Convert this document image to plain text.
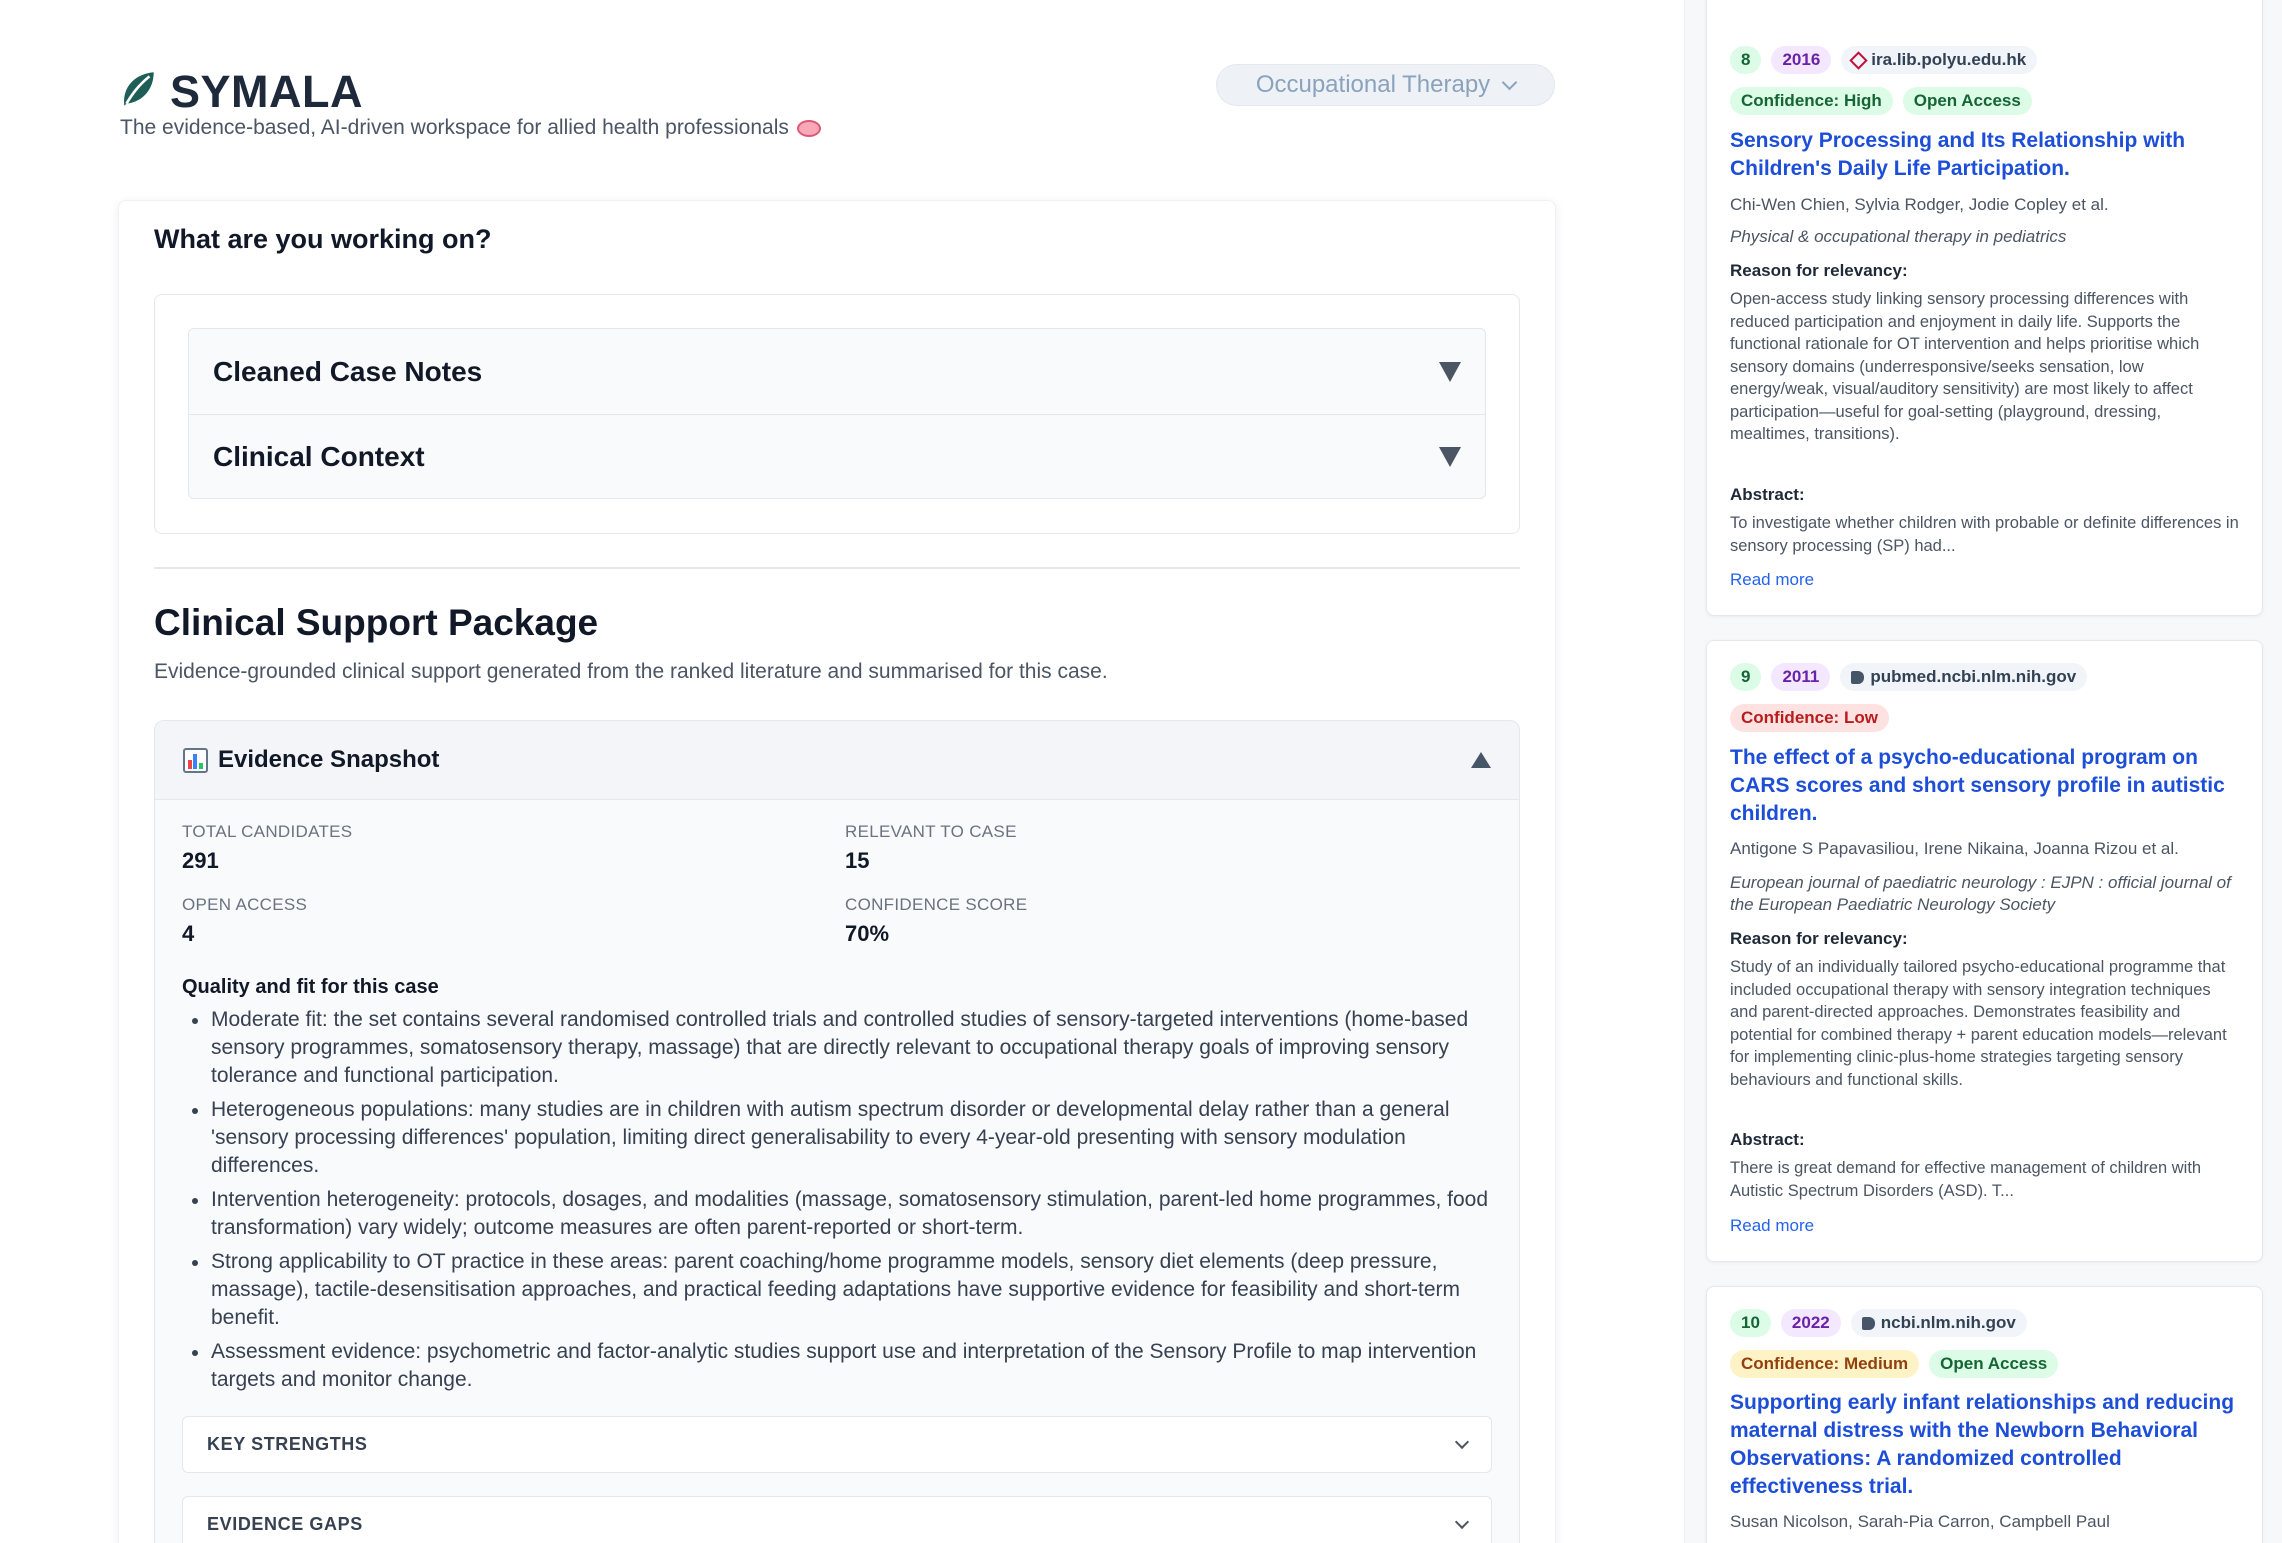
SYMALA
The evidence-based, AI-driven workspace for allied health professionals
Occupational Therapy
What are you working on?
Cleaned Case Notes
Clinical Context
Clinical Support Package
Evidence-grounded clinical support generated from the ranked literature and summarised for this case.
Evidence Snapshot
TOTAL CANDIDATES
291
RELEVANT TO CASE
15
OPEN ACCESS
4
CONFIDENCE SCORE
70%
Quality and fit for this case
Moderate fit: the set contains several randomised controlled trials and controlled studies of sensory-targeted interventions (home-based sensory programmes, somatosensory therapy, massage) that are directly relevant to occupational therapy goals of improving sensory tolerance and functional participation.
Heterogeneous populations: many studies are in children with autism spectrum disorder or developmental delay rather than a general 'sensory processing differences' population, limiting direct generalisability to every 4-year-old presenting with sensory modulation differences.
Intervention heterogeneity: protocols, dosages, and modalities (massage, somatosensory stimulation, parent-led home programmes, food transformation) vary widely; outcome measures are often parent-reported or short-term.
Strong applicability to OT practice in these areas: parent coaching/home programme models, sensory diet elements (deep pressure, massage), tactile-desensitisation approaches, and practical feeding adaptations have supportive evidence for feasibility and short-term benefit.
Assessment evidence: psychometric and factor-analytic studies support use and interpretation of the Sensory Profile to map intervention targets and monitor change.
KEY STRENGTHS
EVIDENCE GAPS
8	2016	ira.lib.polyu.edu.hk
Confidence: High	Open Access
Sensory Processing and Its Relationship with Children's Daily Life Participation.
Chi-Wen Chien, Sylvia Rodger, Jodie Copley et al.
Physical & occupational therapy in pediatrics
Reason for relevancy:
Open-access study linking sensory processing differences with reduced participation and enjoyment in daily life. Supports the functional rationale for OT intervention and helps prioritise which sensory domains (underresponsive/seeks sensation, low energy/weak, visual/auditory sensitivity) are most likely to affect participation—useful for goal-setting (playground, dressing, mealtimes, transitions).
Abstract:
To investigate whether children with probable or definite differences in sensory processing (SP) had...
Read more
9	2011	pubmed.ncbi.nlm.nih.gov
Confidence: Low
The effect of a psycho-educational program on CARS scores and short sensory profile in autistic children.
Antigone S Papavasiliou, Irene Nikaina, Joanna Rizou et al.
European journal of paediatric neurology : EJPN : official journal of the European Paediatric Neurology Society
Reason for relevancy:
Study of an individually tailored psycho-educational programme that included occupational therapy with sensory integration techniques and parent-directed approaches. Demonstrates feasibility and potential for combined therapy + parent education models—relevant for implementing clinic-plus-home strategies targeting sensory behaviours and functional skills.
Abstract:
There is great demand for effective management of children with Autistic Spectrum Disorders (ASD). T...
Read more
10	2022	ncbi.nlm.nih.gov
Confidence: Medium	Open Access
Supporting early infant relationships and reducing maternal distress with the Newborn Behavioral Observations: A randomized controlled effectiveness trial.
Susan Nicolson, Sarah-Pia Carron, Campbell Paul
